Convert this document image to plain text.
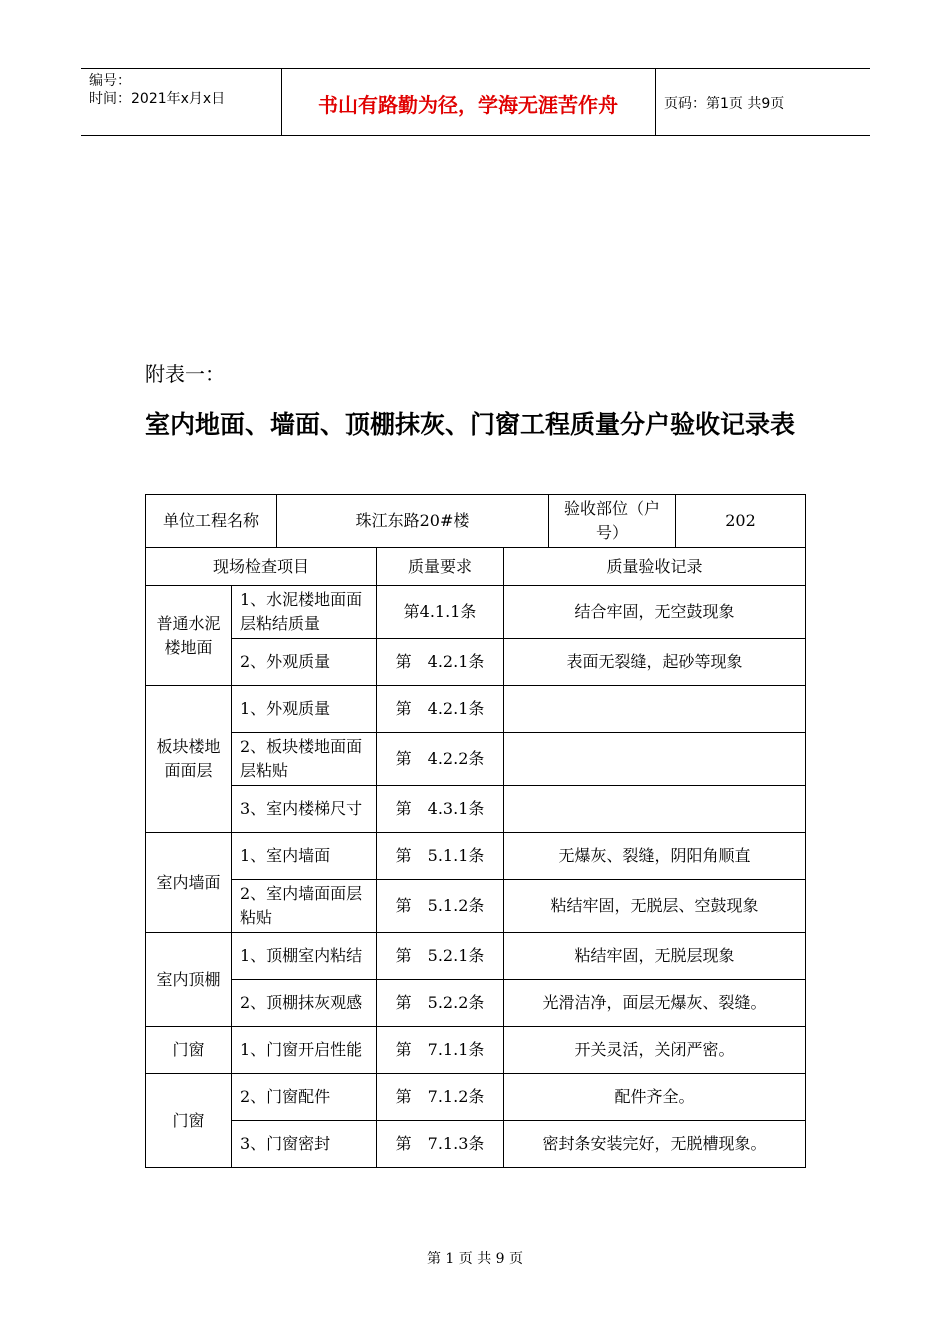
编号：
时间：2021年x月x日	书山有路勤为径，学海无涯苦作舟	页码：第1页 共9页
附表一：
室内地面、墙面、顶棚抹灰、门窗工程质量分户验收记录表
单位工程名称		珠江东路20#楼			验收部位（户号）	202
现场检查项目			质量要求	质量验收记录		
普通水泥楼地面	1、水泥楼地面面层粘结质量		第4.1.1条	结合牢固，无空鼓现象		
	2、外观质量		第　4.2.1条	表面无裂缝，起砂等现象		
板块楼地面面层	1、外观质量		第　4.2.1条			
	2、板块楼地面面层粘贴		第　4.2.2条			
	3、室内楼梯尺寸		第　4.3.1条			
室内墙面	1、室内墙面		第　5.1.1条	无爆灰、裂缝，阴阳角顺直		
	2、室内墙面面层粘贴		第　5.1.2条	粘结牢固，无脱层、空鼓现象		
室内顶棚	1、顶棚室内粘结		第　5.2.1条	粘结牢固，无脱层现象		
	2、顶棚抹灰观感		第　5.2.2条	光滑洁净，面层无爆灰、裂缝。		
门窗	1、门窗开启性能		第　7.1.1条	开关灵活，关闭严密。		
门窗	2、门窗配件		第　7.1.2条	配件齐全。		
	3、门窗密封		第　7.1.3条	密封条安装完好，无脱槽现象。		
第 1 页 共 9 页
